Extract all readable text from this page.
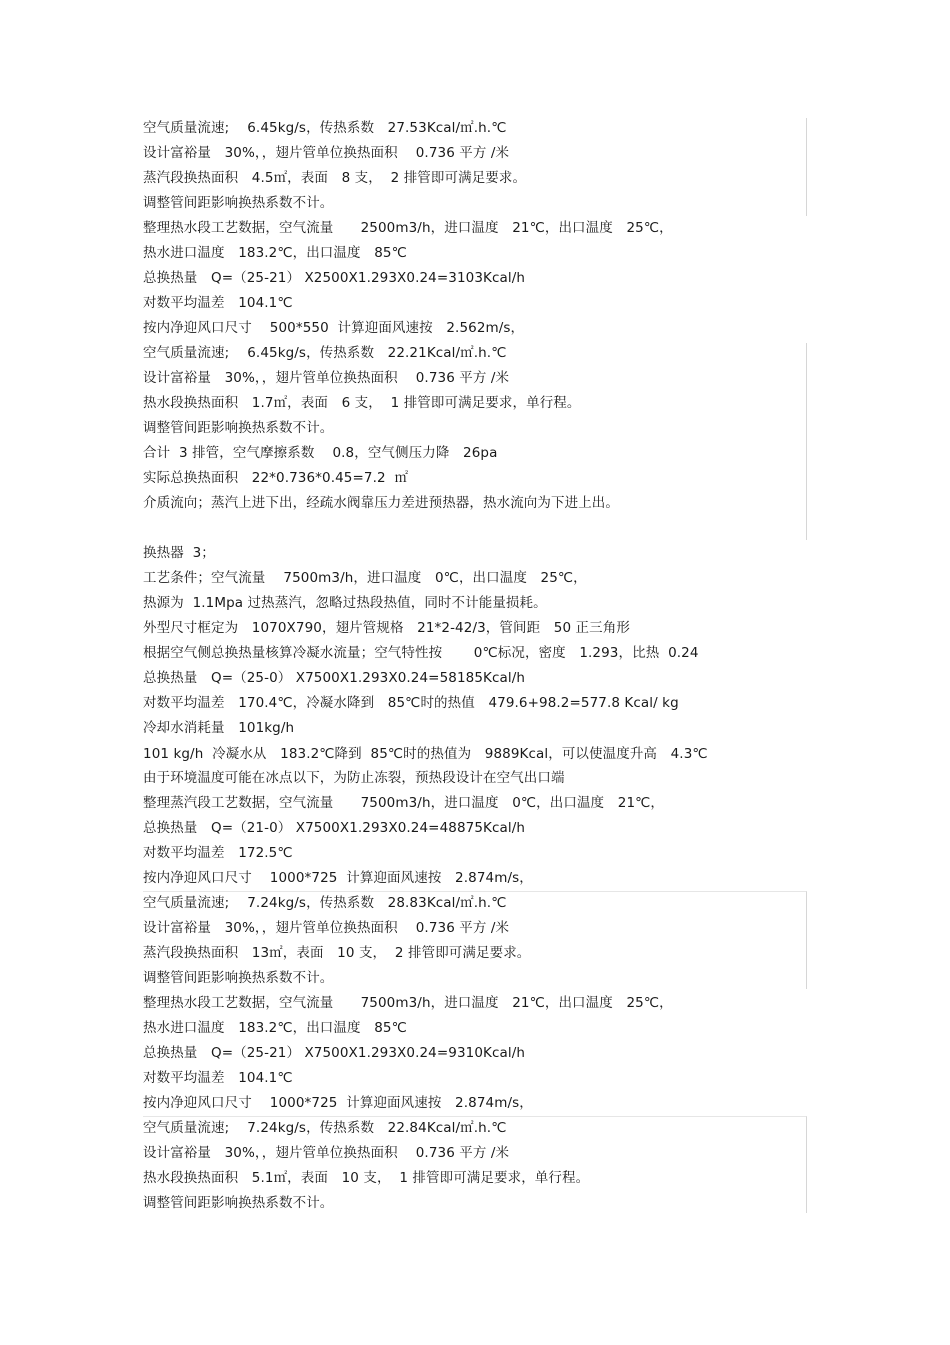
空气质量流速;　 6.45kg/s，传热系数　27.53Kcal/㎡.h.℃
设计富裕量　30%，，翅片管单位换热面积　 0.736 平方 /米
蒸汽段换热面积　4.5㎡，表面　8 支，  2 排管即可满足要求。
调整管间距影响换热系数不计。
整理热水段工艺数据，空气流量　　2500m3/h，进口温度　21℃，出口温度　25℃，
热水进口温度　183.2℃，出口温度　85℃
总换热量　Q=（25-21） X2500X1.293X0.24=3103Kcal/h
对数平均温差　104.1℃
按内净迎风口尺寸　 500*550  计算迎面风速按　2.562m/s，
空气质量流速;　 6.45kg/s，传热系数　22.21Kcal/㎡.h.℃
设计富裕量　30%，，翅片管单位换热面积　 0.736 平方 /米
热水段换热面积　1.7㎡，表面　6 支，  1 排管即可满足要求，单行程。
调整管间距影响换热系数不计。
合计  3 排管，空气摩擦系数　 0.8，空气侧压力降　26pa
实际总换热面积　22*0.736*0.45=7.2  ㎡
介质流向；蒸汽上进下出，经疏水阀靠压力差进预热器，热水流向为下进上出。
换热器  3；
工艺条件；空气流量　 7500m3/h，进口温度　0℃，出口温度　25℃，
热源为  1.1Mpa 过热蒸汽，忽略过热段热值，同时不计能量损耗。
外型尺寸框定为　1070X790，翅片管规格　21*2-42/3，管间距　50 正三角形
根据空气侧总换热量核算冷凝水流量；空气特性按　　 0℃标况，密度　1.293，比热  0.24
总换热量　Q=（25-0） X7500X1.293X0.24=58185Kcal/h
对数平均温差　170.4℃，冷凝水降到　85℃时的热值　479.6+98.2=577.8 Kcal/ kg
冷却水消耗量　101kg/h
101 kg/h  冷凝水从　183.2℃降到  85℃时的热值为　9889Kcal，可以使温度升高　4.3℃
由于环境温度可能在冰点以下，为防止冻裂，预热段设计在空气出口端
整理蒸汽段工艺数据，空气流量　　7500m3/h，进口温度　0℃，出口温度　21℃，
总换热量　Q=（21-0） X7500X1.293X0.24=48875Kcal/h
对数平均温差　172.5℃
按内净迎风口尺寸　 1000*725  计算迎面风速按　2.874m/s，
空气质量流速;　 7.24kg/s，传热系数　28.83Kcal/㎡.h.℃
设计富裕量　30%，，翅片管单位换热面积　 0.736 平方 /米
蒸汽段换热面积　13㎡，表面　10 支，  2 排管即可满足要求。
调整管间距影响换热系数不计。
整理热水段工艺数据，空气流量　　7500m3/h，进口温度　21℃，出口温度　25℃，
热水进口温度　183.2℃，出口温度　85℃
总换热量　Q=（25-21） X7500X1.293X0.24=9310Kcal/h
对数平均温差　104.1℃
按内净迎风口尺寸　 1000*725  计算迎面风速按　2.874m/s，
空气质量流速;　 7.24kg/s，传热系数　22.84Kcal/㎡.h.℃
设计富裕量　30%，，翅片管单位换热面积　 0.736 平方 /米
热水段换热面积　5.1㎡，表面　10 支，  1 排管即可满足要求，单行程。
调整管间距影响换热系数不计。
